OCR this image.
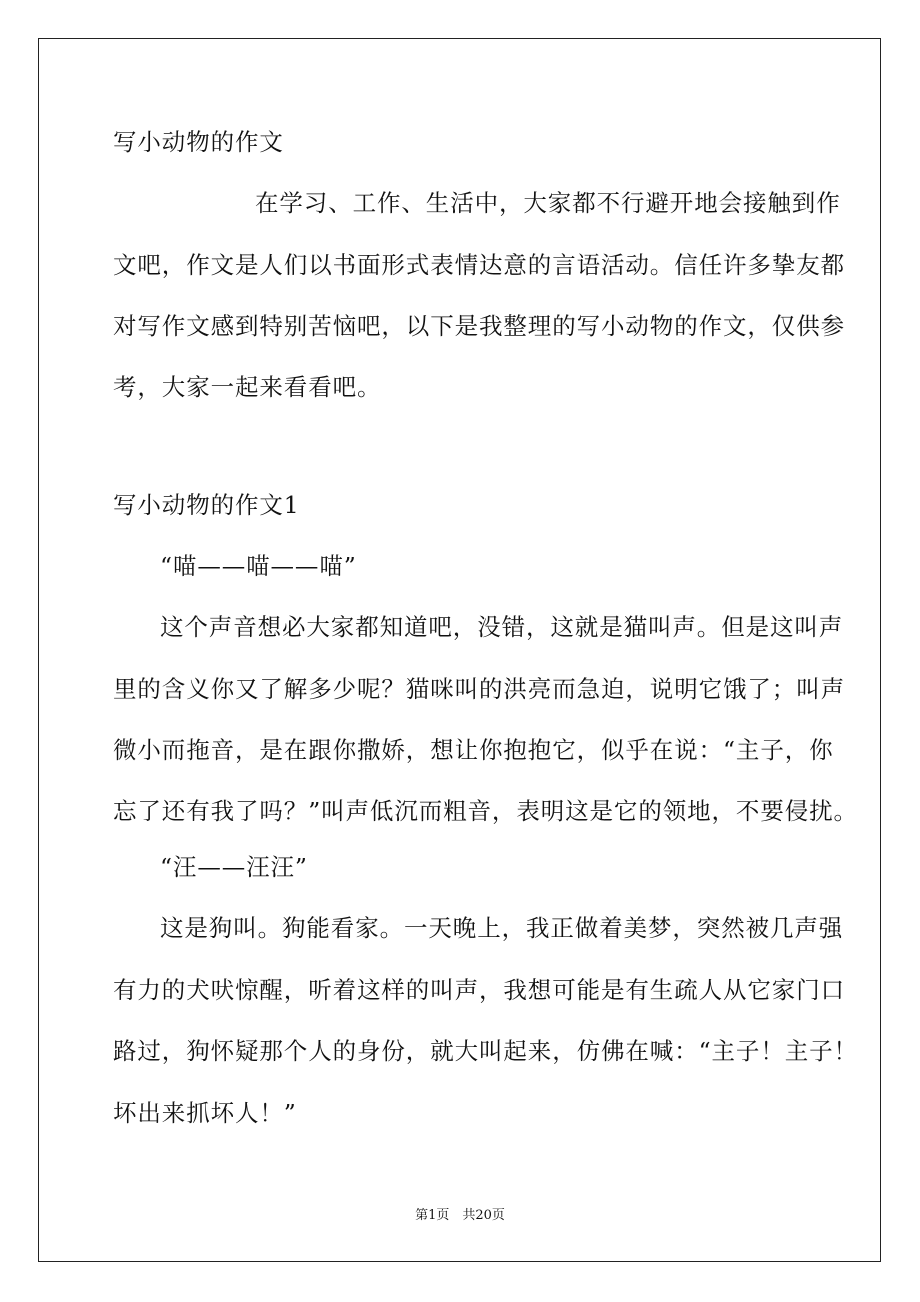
写小动物的作文
在学习、工作、生活中，大家都不行避开地会接触到作
文吧，作文是人们以书面形式表情达意的言语活动。信任许多挚友都
对写作文感到特别苦恼吧，以下是我整理的写小动物的作文，仅供参
考，大家一起来看看吧。
写小动物的作文1
“喵——喵——喵”
这个声音想必大家都知道吧，没错，这就是猫叫声。但是这叫声
里的含义你又了解多少呢？猫咪叫的洪亮而急迫，说明它饿了；叫声
微小而拖音，是在跟你撒娇，想让你抱抱它，似乎在说：“主子，你
忘了还有我了吗？”叫声低沉而粗音，表明这是它的领地，不要侵扰。
“汪——汪汪”
这是狗叫。狗能看家。一天晚上，我正做着美梦，突然被几声强
有力的犬吠惊醒，听着这样的叫声，我想可能是有生疏人从它家门口
路过，狗怀疑那个人的身份，就大叫起来，仿佛在喊：“主子！主子！
坏出来抓坏人！”
第1页　共20页
